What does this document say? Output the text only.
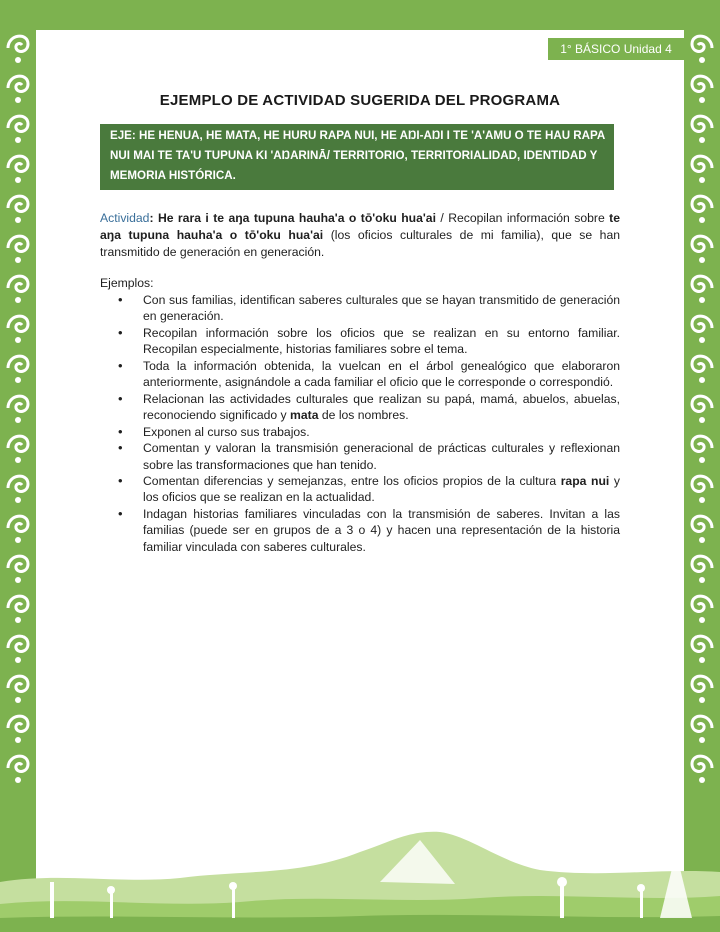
1° BÁSICO Unidad 4
EJEMPLO DE ACTIVIDAD SUGERIDA DEL PROGRAMA
EJE: HE HENUA, HE MATA, HE HURU RAPA NUI, HE AŊI-AŊI I TE 'A'AMU O TE HAU RAPA NUI MAI TE TA'U TUPUNA KI 'AŊARINĀ/ TERRITORIO, TERRITORIALIDAD, IDENTIDAD Y MEMORIA HISTÓRICA.
Actividad: He rara i te aŋa tupuna hauha'a o tō'oku hua'ai / Recopilan información sobre te aŋa tupuna hauha'a o tō'oku hua'ai (los oficios culturales de mi familia), que se han transmitido de generación en generación.
Ejemplos:
• Con sus familias, identifican saberes culturales que se hayan transmitido de generación en generación.
• Recopilan información sobre los oficios que se realizan en su entorno familiar. Recopilan especialmente, historias familiares sobre el tema.
• Toda la información obtenida, la vuelcan en el árbol genealógico que elaboraron anteriormente, asignándole a cada familiar el oficio que le corresponde o correspondió.
• Relacionan las actividades culturales que realizan su papá, mamá, abuelos, abuelas, reconociendo significado y mata de los nombres.
• Exponen al curso sus trabajos.
• Comentan y valoran la transmisión generacional de prácticas culturales y reflexionan sobre las transformaciones que han tenido.
• Comentan diferencias y semejanzas, entre los oficios propios de la cultura rapa nui y los oficios que se realizan en la actualidad.
• Indagan historias familiares vinculadas con la transmisión de saberes. Invitan a las familias (puede ser en grupos de a 3 o 4) y hacen una representación de la historia familiar vinculada con saberes culturales.
